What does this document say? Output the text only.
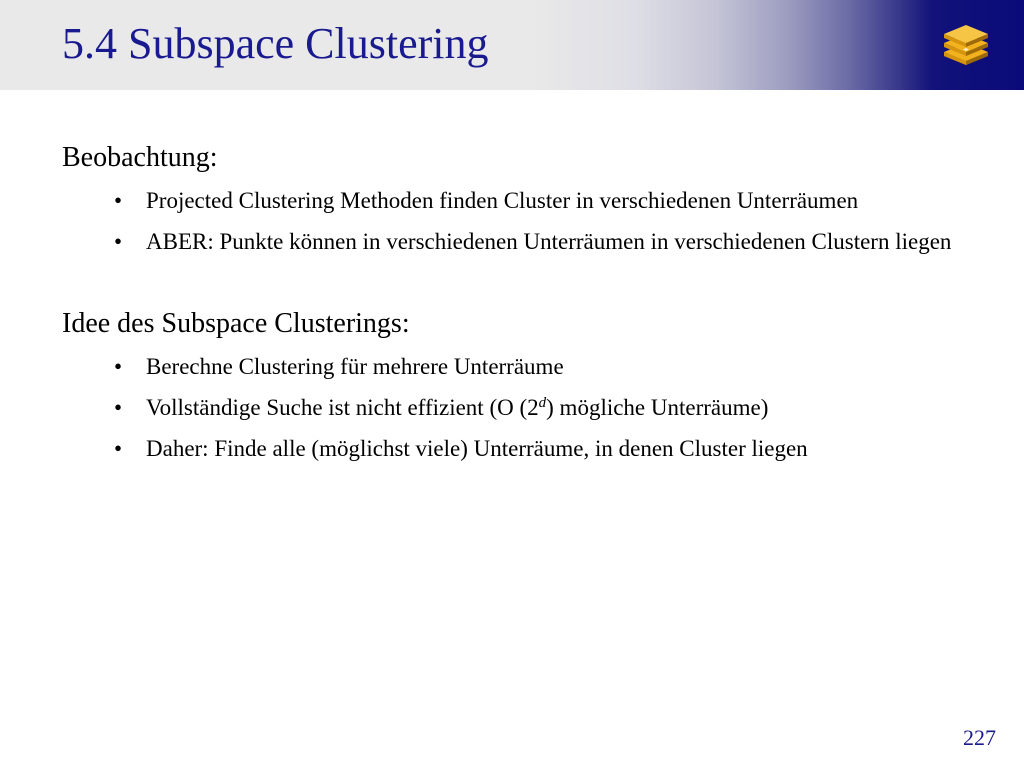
5.4 Subspace Clustering
Beobachtung:
• Projected Clustering Methoden finden Cluster in verschiedenen Unterräumen
• ABER: Punkte können in verschiedenen Unterräumen in verschiedenen Clustern liegen
Idee des Subspace Clusterings:
• Berechne Clustering für mehrere Unterräume
• Vollständige Suche ist nicht effizient (O (2$^d$) mögliche Unterräume)
• Daher: Finde alle (möglichst viele) Unterräume, in denen Cluster liegen
227
